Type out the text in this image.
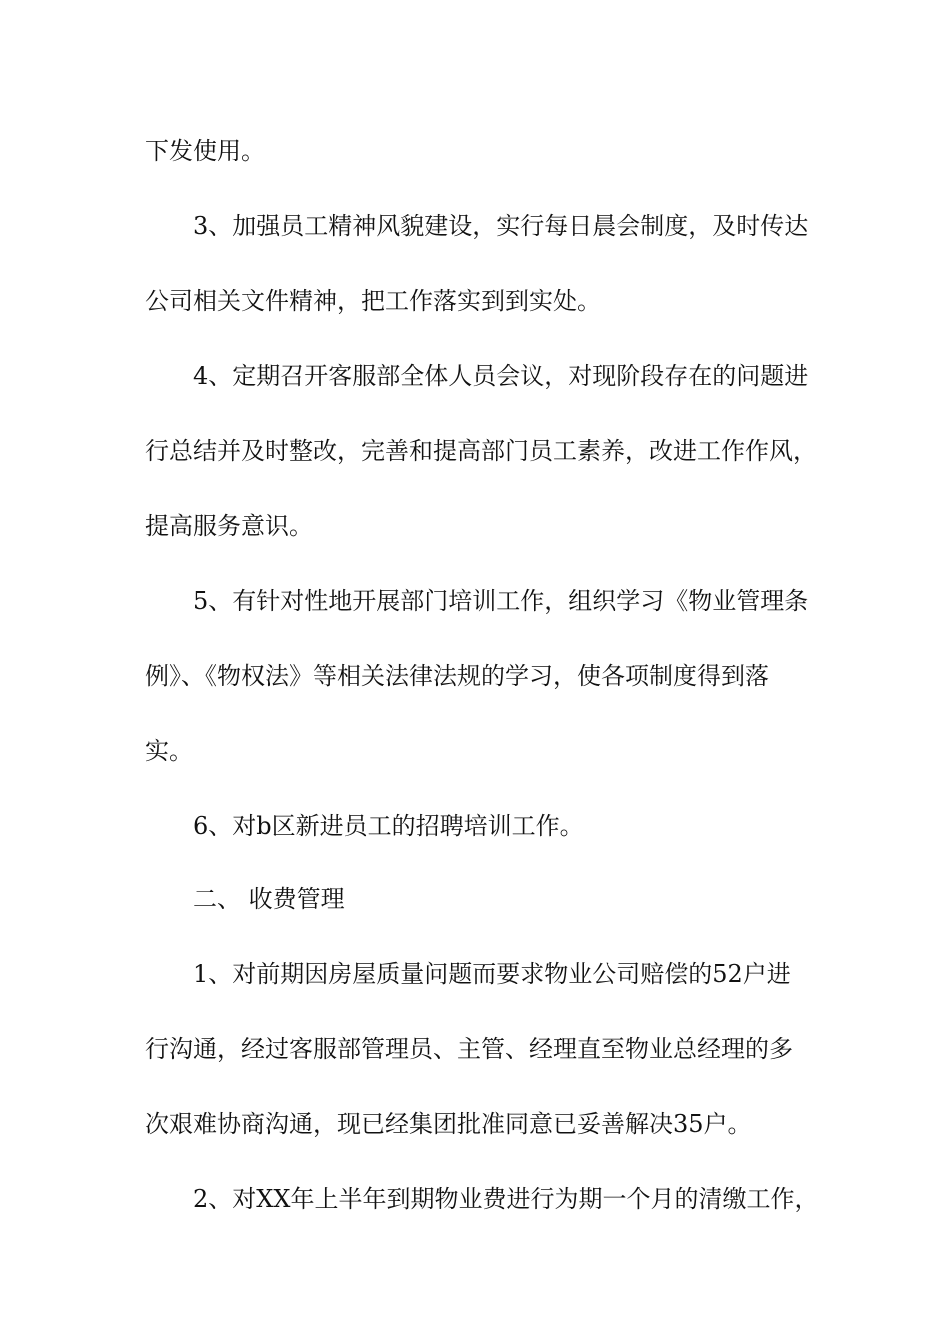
下发使用。
3、加强员工精神风貌建设，实行每日晨会制度，及时传达
公司相关文件精神，把工作落实到到实处。
4、定期召开客服部全体人员会议，对现阶段存在的问题进
行总结并及时整改，完善和提高部门员工素养，改进工作作风，
提高服务意识。
5、有针对性地开展部门培训工作，组织学习《物业管理条
例》、《物权法》等相关法律法规的学习，使各项制度得到落
实。
6、对b区新进员工的招聘培训工作。
二、 收费管理
1、对前期因房屋质量问题而要求物业公司赔偿的52户进
行沟通，经过客服部管理员、主管、经理直至物业总经理的多
次艰难协商沟通，现已经集团批准同意已妥善解决35户。
2、对XX年上半年到期物业费进行为期一个月的清缴工作，
